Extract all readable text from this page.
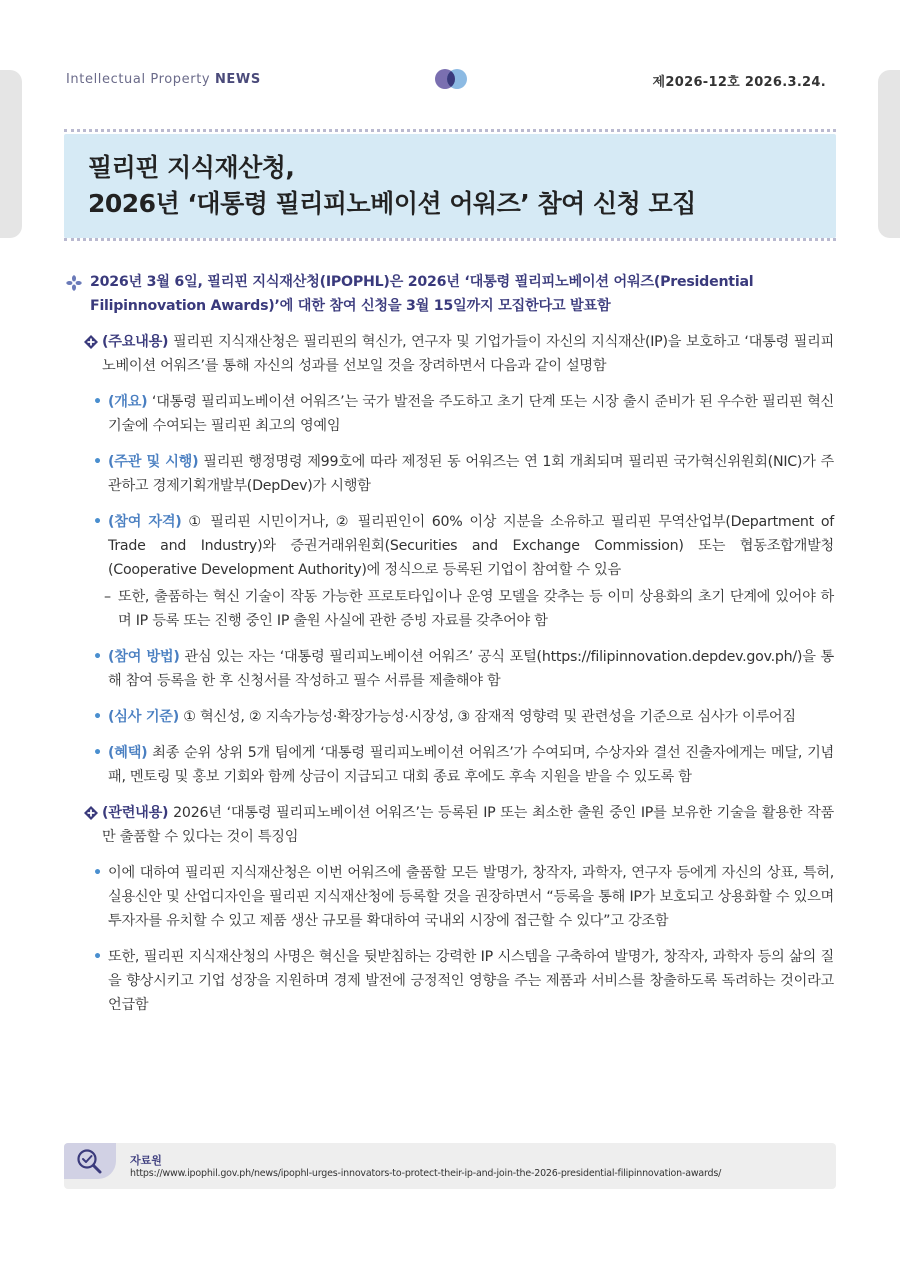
Intellectual Property NEWS	제2026-12호 2026.3.24.
필리핀 지식재산청,
2026년 ‘대통령 필리피노베이션 어워즈’ 참여 신청 모집
2026년 3월 6일, 필리핀 지식재산청(IPOPHL)은 2026년 ‘대통령 필리피노베이션 어워즈(Presidential Filipinnovation Awards)’에 대한 참여 신청을 3월 15일까지 모집한다고 발표함
(주요내용) 필리핀 지식재산청은 필리핀의 혁신가, 연구자 및 기업가들이 자신의 지식재산(IP)을 보호하고 ‘대통령 필리피노베이션 어워즈’를 통해 자신의 성과를 선보일 것을 장려하면서 다음과 같이 설명함
• (개요) ‘대통령 필리피노베이션 어워즈’는 국가 발전을 주도하고 초기 단계 또는 시장 출시 준비가 된 우수한 필리핀 혁신 기술에 수여되는 필리핀 최고의 영예임
• (주관 및 시행) 필리핀 행정명령 제99호에 따라 제정된 동 어워즈는 연 1회 개최되며 필리핀 국가혁신위원회(NIC)가 주관하고 경제기획개발부(DepDev)가 시행함
• (참여 자격) ① 필리핀 시민이거나, ② 필리핀인이 60% 이상 지분을 소유하고 필리핀 무역산업부(Department of Trade and Industry)와 증권거래위원회(Securities and Exchange Commission) 또는 협동조합개발청(Cooperative Development Authority)에 정식으로 등록된 기업이 참여할 수 있음
– 또한, 출품하는 혁신 기술이 작동 가능한 프로토타입이나 운영 모델을 갖추는 등 이미 상용화의 초기 단계에 있어야 하며 IP 등록 또는 진행 중인 IP 출원 사실에 관한 증빙 자료를 갖추어야 함
• (참여 방법) 관심 있는 자는 ‘대통령 필리피노베이션 어워즈’ 공식 포털(https://filipinnovation.depdev.gov.ph/)을 통해 참여 등록을 한 후 신청서를 작성하고 필수 서류를 제출해야 함
• (심사 기준) ① 혁신성, ② 지속가능성·확장가능성·시장성, ③ 잠재적 영향력 및 관련성을 기준으로 심사가 이루어짐
• (혜택) 최종 순위 상위 5개 팀에게 ‘대통령 필리피노베이션 어워즈’가 수여되며, 수상자와 결선 진출자에게는 메달, 기념패, 멘토링 및 홍보 기회와 함께 상금이 지급되고 대회 종료 후에도 후속 지원을 받을 수 있도록 함
(관련내용) 2026년 ‘대통령 필리피노베이션 어워즈’는 등록된 IP 또는 최소한 출원 중인 IP를 보유한 기술을 활용한 작품만 출품할 수 있다는 것이 특징임
• 이에 대하여 필리핀 지식재산청은 이번 어워즈에 출품할 모든 발명가, 창작자, 과학자, 연구자 등에게 자신의 상표, 특허, 실용신안 및 산업디자인을 필리핀 지식재산청에 등록할 것을 권장하면서 “등록을 통해 IP가 보호되고 상용화할 수 있으며 투자자를 유치할 수 있고 제품 생산 규모를 확대하여 국내외 시장에 접근할 수 있다”고 강조함
• 또한, 필리핀 지식재산청의 사명은 혁신을 뒷받침하는 강력한 IP 시스템을 구축하여 발명가, 창작자, 과학자 등의 삶의 질을 향상시키고 기업 성장을 지원하며 경제 발전에 긍정적인 영향을 주는 제품과 서비스를 창출하도록 독려하는 것이라고 언급함
자료원
https://www.ipophil.gov.ph/news/ipophl-urges-innovators-to-protect-their-ip-and-join-the-2026-presidential-filipinnovation-awards/
